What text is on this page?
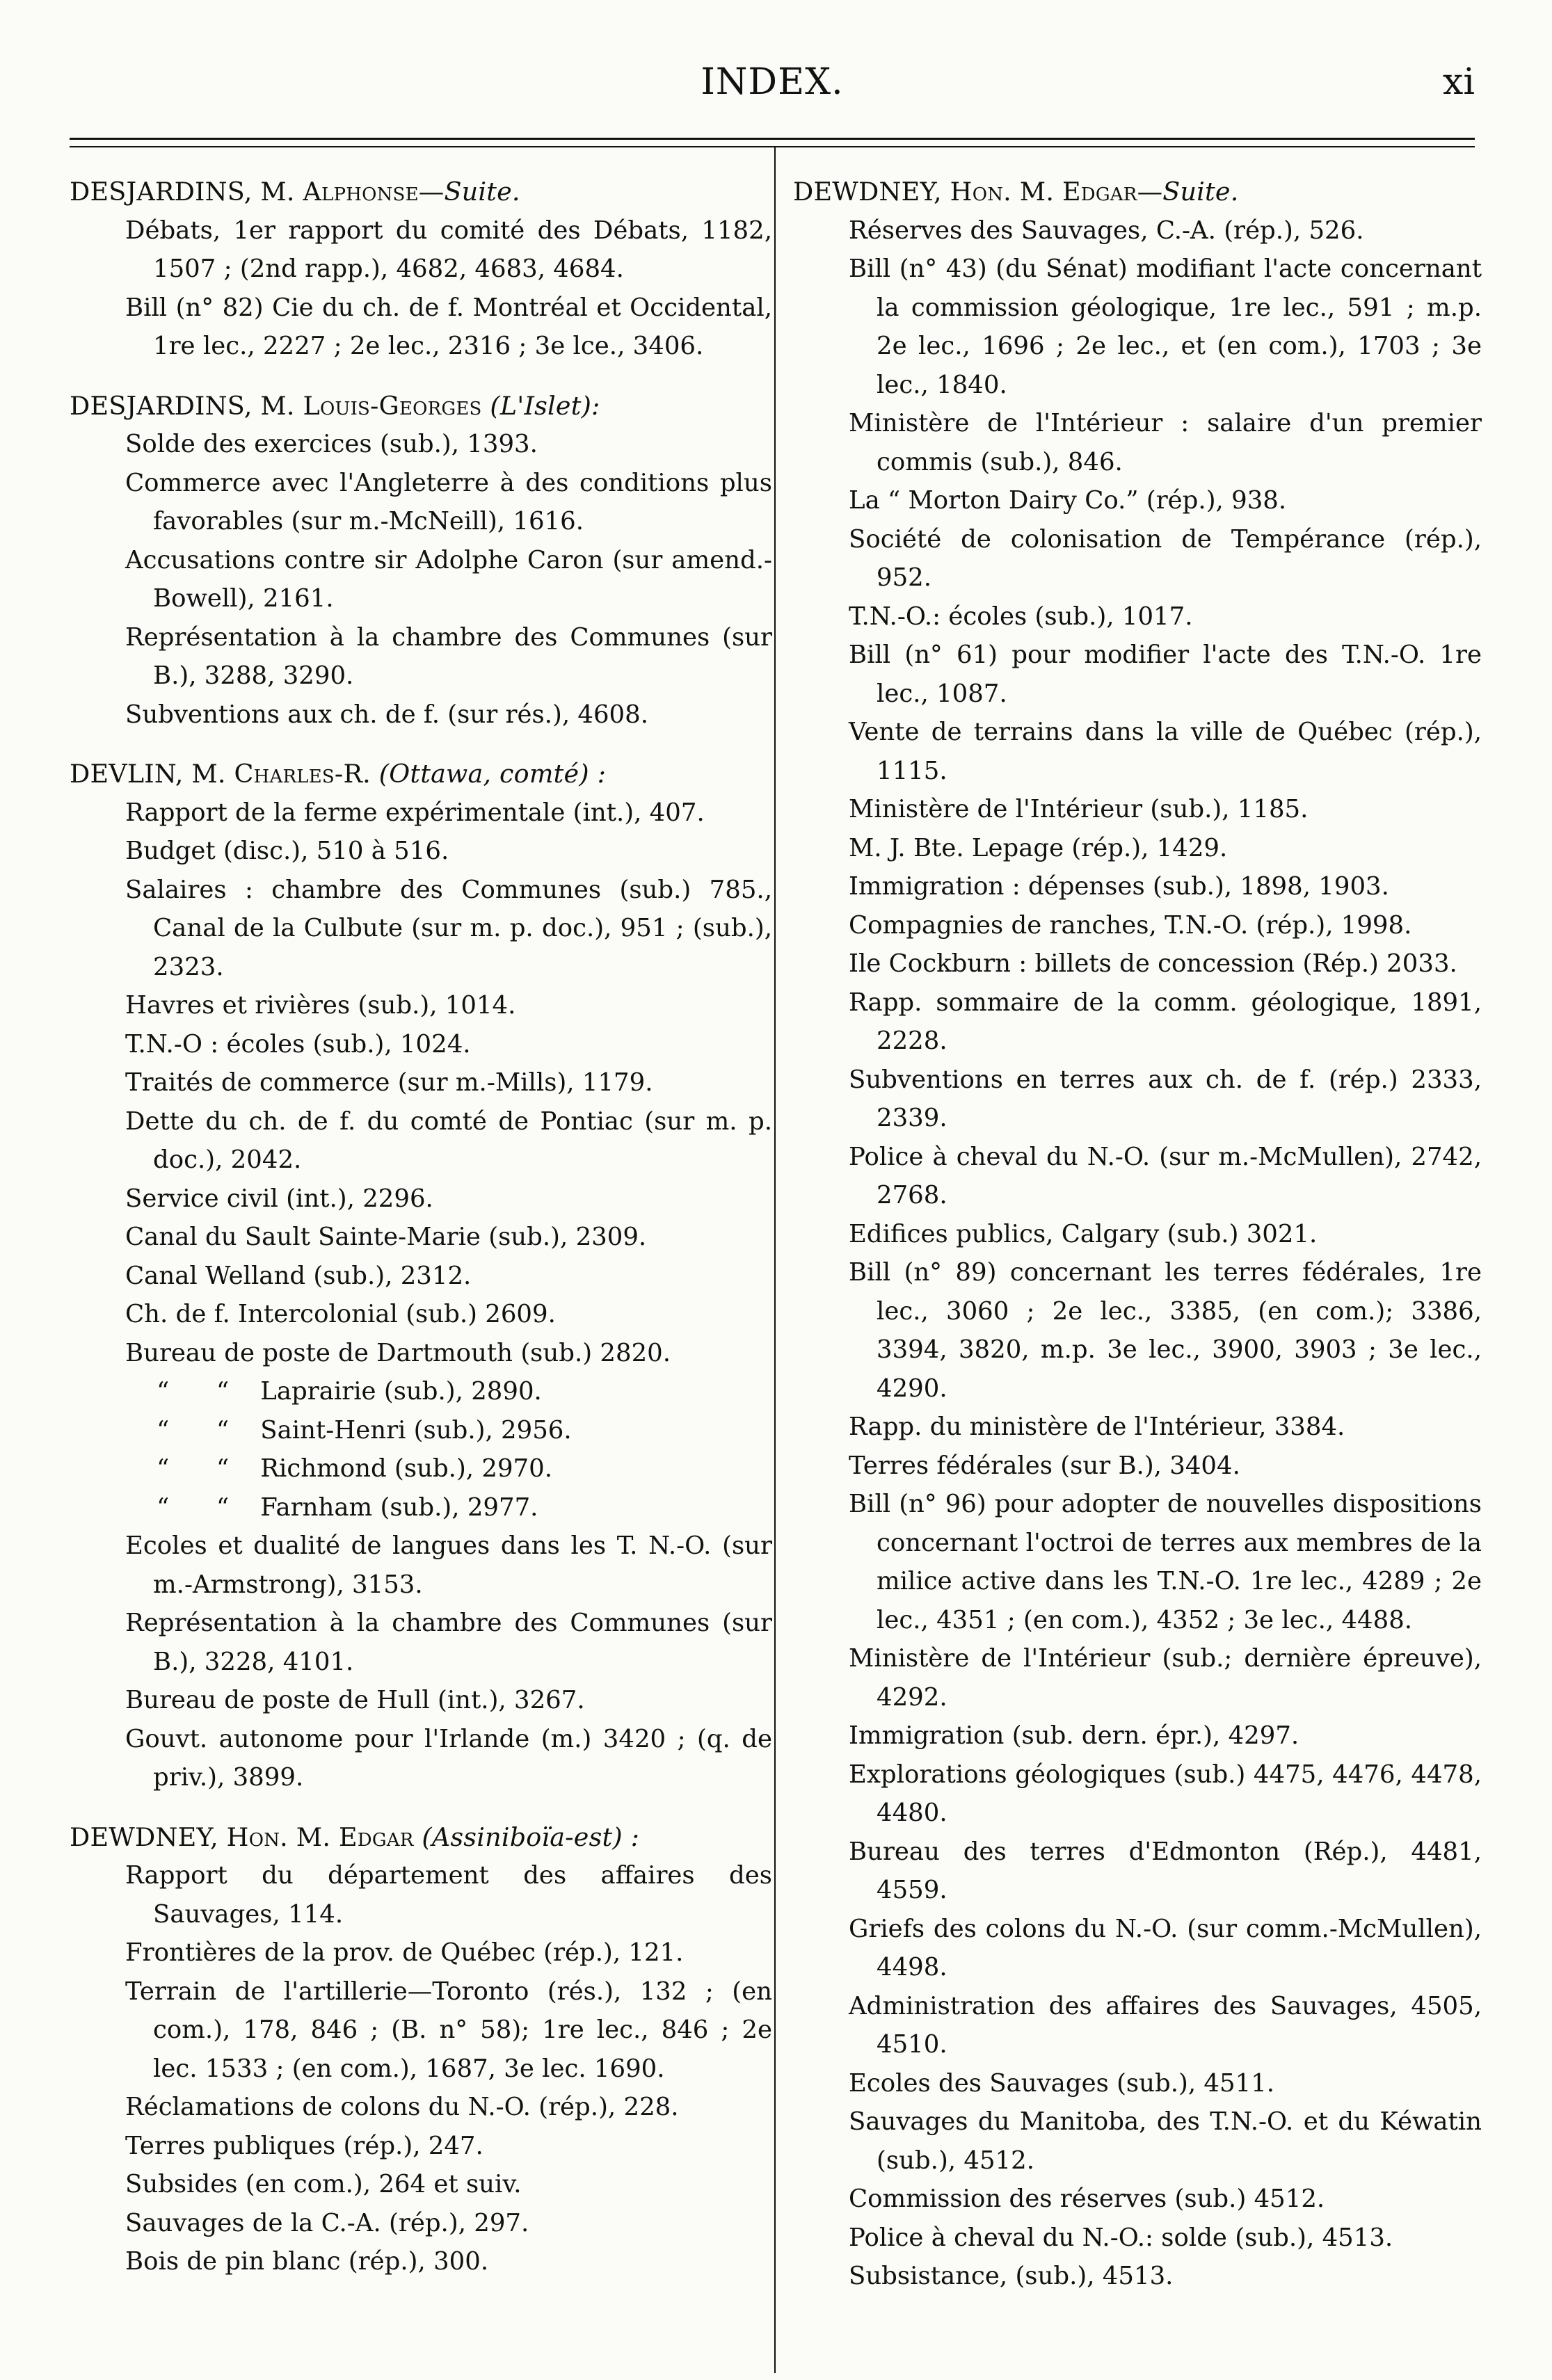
INDEX.	xi

DESJARDINS, M. Alphonse—Suite.

Débats, 1er rapport du comité des Débats, 1182, 1507 ; (2nd rapp.), 4682, 4683, 4684.

Bill (n° 82) Cie du ch. de f. Montréal et Occidental, 1re lec., 2227 ; 2e lec., 2316 ; 3e lce., 3406.

DESJARDINS, M. Louis-Georges (L'Islet):

Solde des exercices (sub.), 1393.

Commerce avec l'Angleterre à des conditions plus favorables (sur m.-McNeill), 1616.

Accusations contre sir Adolphe Caron (sur amend.-Bowell), 2161.

Représentation à la chambre des Communes (sur B.), 3288, 3290.

Subventions aux ch. de f. (sur rés.), 4608.

DEVLIN, M. Charles-R. (Ottawa, comté) :

Rapport de la ferme expérimentale (int.), 407.

Budget (disc.), 510 à 516.

Salaires : chambre des Communes (sub.) 785., Canal de la Culbute (sur m. p. doc.), 951 ; (sub.), 2323.

Havres et rivières (sub.), 1014.

T.N.-O : écoles (sub.), 1024.

Traités de commerce (sur m.-Mills), 1179.

Dette du ch. de f. du comté de Pontiac (sur m. p. doc.), 2042.

Service civil (int.), 2296.

Canal du Sault Sainte-Marie (sub.), 2309.

Canal Welland (sub.), 2312.

Ch. de f. Intercolonial (sub.) 2609.

Bureau de poste de Dartmouth (sub.) 2820.

“      “    Laprairie (sub.), 2890.

“      “    Saint-Henri (sub.), 2956.

“      “    Richmond (sub.), 2970.

“      “    Farnham (sub.), 2977.

Ecoles et dualité de langues dans les T. N.-O. (sur m.-Armstrong), 3153.

Représentation à la chambre des Communes (sur B.), 3228, 4101.

Bureau de poste de Hull (int.), 3267.

Gouvt. autonome pour l'Irlande (m.) 3420 ; (q. de priv.), 3899.

DEWDNEY, Hon. M. Edgar (Assiniboïa-est) :

Rapport du département des affaires des Sauvages, 114.

Frontières de la prov. de Québec (rép.), 121.

Terrain de l'artillerie—Toronto (rés.), 132 ; (en com.), 178, 846 ; (B. n° 58); 1re lec., 846 ; 2e lec. 1533 ; (en com.), 1687, 3e lec. 1690.

Réclamations de colons du N.-O. (rép.), 228.

Terres publiques (rép.), 247.

Subsides (en com.), 264 et suiv.

Sauvages de la C.-A. (rép.), 297.

Bois de pin blanc (rép.), 300.

DEWDNEY, Hon. M. Edgar—Suite.

Réserves des Sauvages, C.-A. (rép.), 526.

Bill (n° 43) (du Sénat) modifiant l'acte concernant la commission géologique, 1re lec., 591 ; m.p. 2e lec., 1696 ; 2e lec., et (en com.), 1703 ; 3e lec., 1840.

Ministère de l'Intérieur : salaire d'un premier commis (sub.), 846.

La “ Morton Dairy Co.” (rép.), 938.

Société de colonisation de Tempérance (rép.), 952.

T.N.-O.: écoles (sub.), 1017.

Bill (n° 61) pour modifier l'acte des T.N.-O. 1re lec., 1087.

Vente de terrains dans la ville de Québec (rép.), 1115.

Ministère de l'Intérieur (sub.), 1185.

M. J. Bte. Lepage (rép.), 1429.

Immigration : dépenses (sub.), 1898, 1903.

Compagnies de ranches, T.N.-O. (rép.), 1998.

Ile Cockburn : billets de concession (Rép.) 2033.

Rapp. sommaire de la comm. géologique, 1891, 2228.

Subventions en terres aux ch. de f. (rép.) 2333, 2339.

Police à cheval du N.-O. (sur m.-McMullen), 2742, 2768.

Edifices publics, Calgary (sub.) 3021.

Bill (n° 89) concernant les terres fédérales, 1re lec., 3060 ; 2e lec., 3385, (en com.); 3386, 3394, 3820, m.p. 3e lec., 3900, 3903 ; 3e lec., 4290.

Rapp. du ministère de l'Intérieur, 3384.

Terres fédérales (sur B.), 3404.

Bill (n° 96) pour adopter de nouvelles dispositions concernant l'octroi de terres aux membres de la milice active dans les T.N.-O. 1re lec., 4289 ; 2e lec., 4351 ; (en com.), 4352 ; 3e lec., 4488.

Ministère de l'Intérieur (sub.; dernière épreuve), 4292.

Immigration (sub. dern. épr.), 4297.

Explorations géologiques (sub.) 4475, 4476, 4478, 4480.

Bureau des terres d'Edmonton (Rép.), 4481, 4559.

Griefs des colons du N.-O. (sur comm.-McMullen), 4498.

Administration des affaires des Sauvages, 4505, 4510.

Ecoles des Sauvages (sub.), 4511.

Sauvages du Manitoba, des T.N.-O. et du Kéwatin (sub.), 4512.

Commission des réserves (sub.) 4512.

Police à cheval du N.-O.: solde (sub.), 4513.

Subsistance, (sub.), 4513.
